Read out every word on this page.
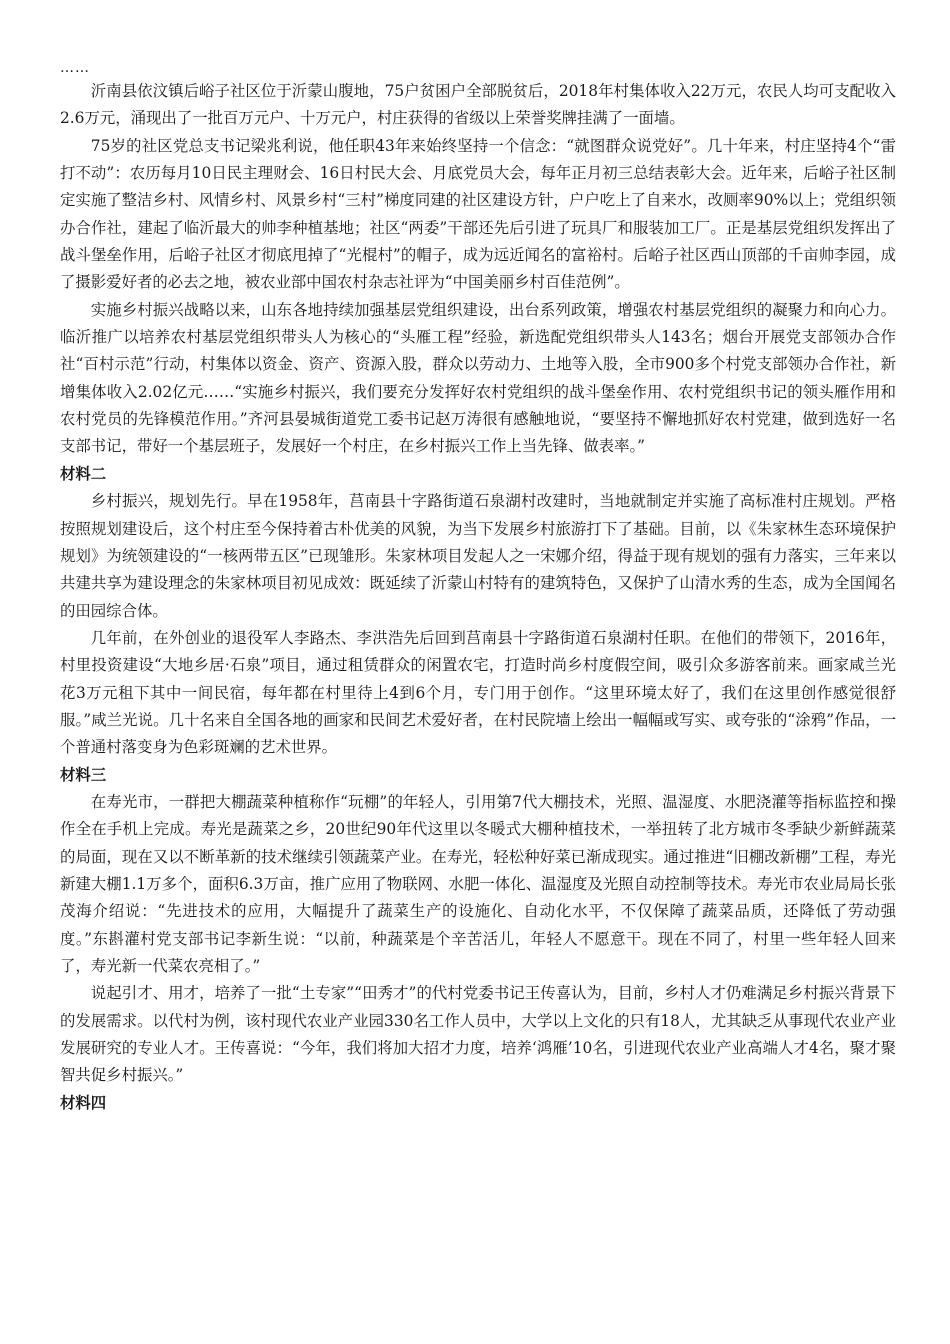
……

沂南县依汶镇后峪子社区位于沂蒙山腹地，75户贫困户全部脱贫后，2018年村集体收入22万元，农民人均可支配收入2.6万元，涌现出了一批百万元户、十万元户，村庄获得的省级以上荣誉奖牌挂满了一面墙。

75岁的社区党总支书记梁兆利说，他任职43年来始终坚持一个信念：“就图群众说党好”。几十年来，村庄坚持4个“雷打不动”：农历每月10日民主理财会、16日村民大会、月底党员大会，每年正月初三总结表彰大会。近年来，后峪子社区制定实施了整洁乡村、风情乡村、风景乡村“三村”梯度同建的社区建设方针，户户吃上了自来水，改厕率90%以上；党组织领办合作社，建起了临沂最大的帅李种植基地；社区“两委”干部还先后引进了玩具厂和服装加工厂。正是基层党组织发挥出了战斗堡垒作用，后峪子社区才彻底甩掉了“光棍村”的帽子，成为远近闻名的富裕村。后峪子社区西山顶部的千亩帅李园，成了摄影爱好者的必去之地，被农业部中国农村杂志社评为“中国美丽乡村百佳范例”。

实施乡村振兴战略以来，山东各地持续加强基层党组织建设，出台系列政策，增强农村基层党组织的凝聚力和向心力。临沂推广以培养农村基层党组织带头人为核心的“头雁工程”经验，新选配党组织带头人143名；烟台开展党支部领办合作社“百村示范”行动，村集体以资金、资产、资源入股，群众以劳动力、土地等入股，全市900多个村党支部领办合作社，新增集体收入2.02亿元……“实施乡村振兴，我们要充分发挥好农村党组织的战斗堡垒作用、农村党组织书记的领头雁作用和农村党员的先锋模范作用。”齐河县晏城街道党工委书记赵万涛很有感触地说，“要坚持不懈地抓好农村党建，做到选好一名支部书记，带好一个基层班子，发展好一个村庄，在乡村振兴工作上当先锋、做表率。”

材料二

乡村振兴，规划先行。早在1958年，莒南县十字路街道石泉湖村改建时，当地就制定并实施了高标准村庄规划。严格按照规划建设后，这个村庄至今保持着古朴优美的风貌，为当下发展乡村旅游打下了基础。目前，以《朱家林生态环境保护规划》为统领建设的“一核两带五区”已现雏形。朱家林项目发起人之一宋娜介绍，得益于现有规划的强有力落实，三年来以共建共享为建设理念的朱家林项目初见成效：既延续了沂蒙山村特有的建筑特色，又保护了山清水秀的生态，成为全国闻名的田园综合体。

几年前，在外创业的退役军人李路杰、李洪浩先后回到莒南县十字路街道石泉湖村任职。在他们的带领下，2016年，村里投资建设“大地乡居·石泉”项目，通过租赁群众的闲置农宅，打造时尚乡村度假空间，吸引众多游客前来。画家咸兰光花3万元租下其中一间民宿，每年都在村里待上4到6个月，专门用于创作。“这里环境太好了，我们在这里创作感觉很舒服。”咸兰光说。几十名来自全国各地的画家和民间艺术爱好者，在村民院墙上绘出一幅幅或写实、或夸张的“涂鸦”作品，一个普通村落变身为色彩斑斓的艺术世界。

材料三

在寿光市，一群把大棚蔬菜种植称作“玩棚”的年轻人，引用第7代大棚技术，光照、温湿度、水肥浇灌等指标监控和操作全在手机上完成。寿光是蔬菜之乡，20世纪90年代这里以冬暖式大棚种植技术，一举扭转了北方城市冬季缺少新鲜蔬菜的局面，现在又以不断革新的技术继续引领蔬菜产业。在寿光，轻松种好菜已渐成现实。通过推进“旧棚改新棚”工程，寿光新建大棚1.1万多个，面积6.3万亩，推广应用了物联网、水肥一体化、温湿度及光照自动控制等技术。寿光市农业局局长张茂海介绍说：“先进技术的应用，大幅提升了蔬菜生产的设施化、自动化水平，不仅保障了蔬菜品质，还降低了劳动强度。”东斟灌村党支部书记李新生说：“以前，种蔬菜是个辛苦活儿，年轻人不愿意干。现在不同了，村里一些年轻人回来了，寿光新一代菜农亮相了。”

说起引才、用才，培养了一批“土专家”“田秀才”的代村党委书记王传喜认为，目前，乡村人才仍难满足乡村振兴背景下的发展需求。以代村为例，该村现代农业产业园330名工作人员中，大学以上文化的只有18人，尤其缺乏从事现代农业产业发展研究的专业人才。王传喜说：“今年，我们将加大招才力度，培养‘鸿雁’10名，引进现代农业产业高端人才4名，聚才聚智共促乡村振兴。”

材料四
